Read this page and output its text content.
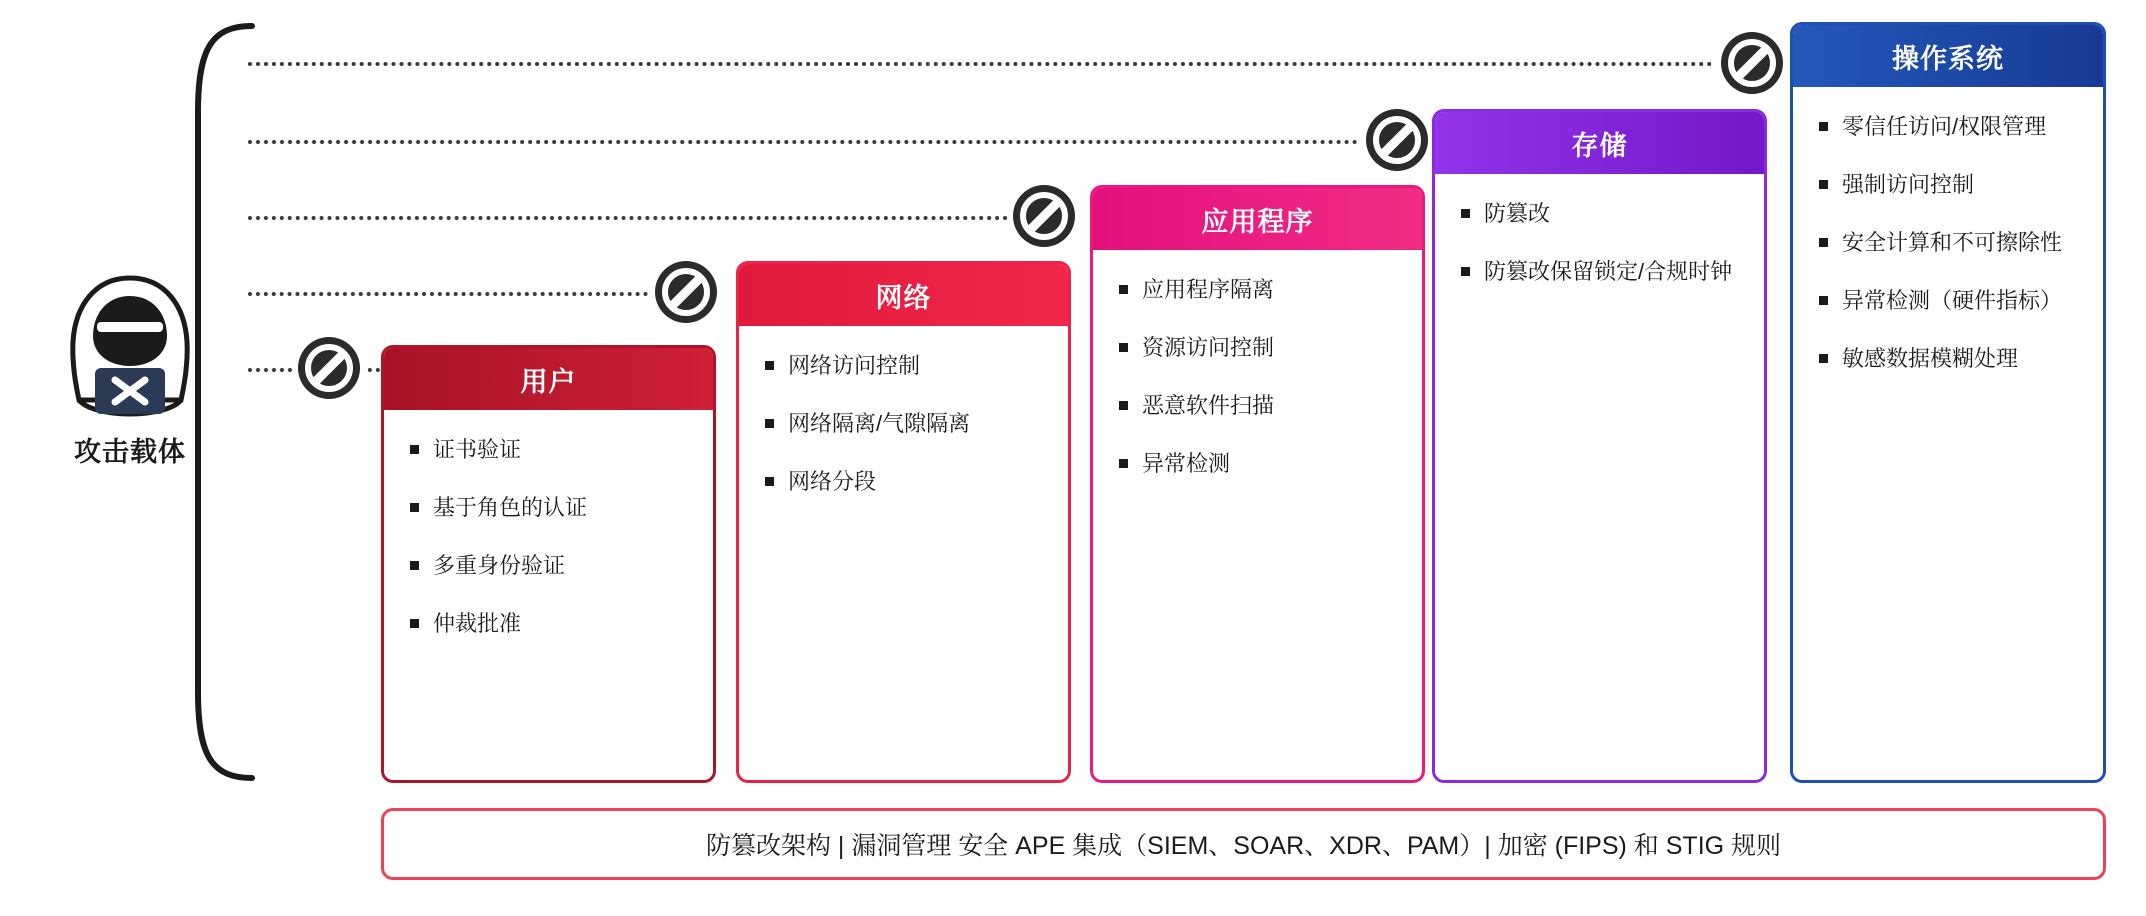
攻击载体
用户
证书验证
基于角色的认证
多重身份验证
仲裁批准
网络
网络访问控制
网络隔离/气隙隔离
网络分段
应用程序
应用程序隔离
资源访问控制
恶意软件扫描
异常检测
存储
防篡改
防篡改保留锁定/合规时钟
操作系统
零信任访问/权限管理
强制访问控制
安全计算和不可擦除性
异常检测（硬件指标）
敏感数据模糊处理
防篡改架构 | 漏洞管理 安全 APE 集成（SIEM、SOAR、XDR、PAM）| 加密 (FIPS) 和 STIG 规则
